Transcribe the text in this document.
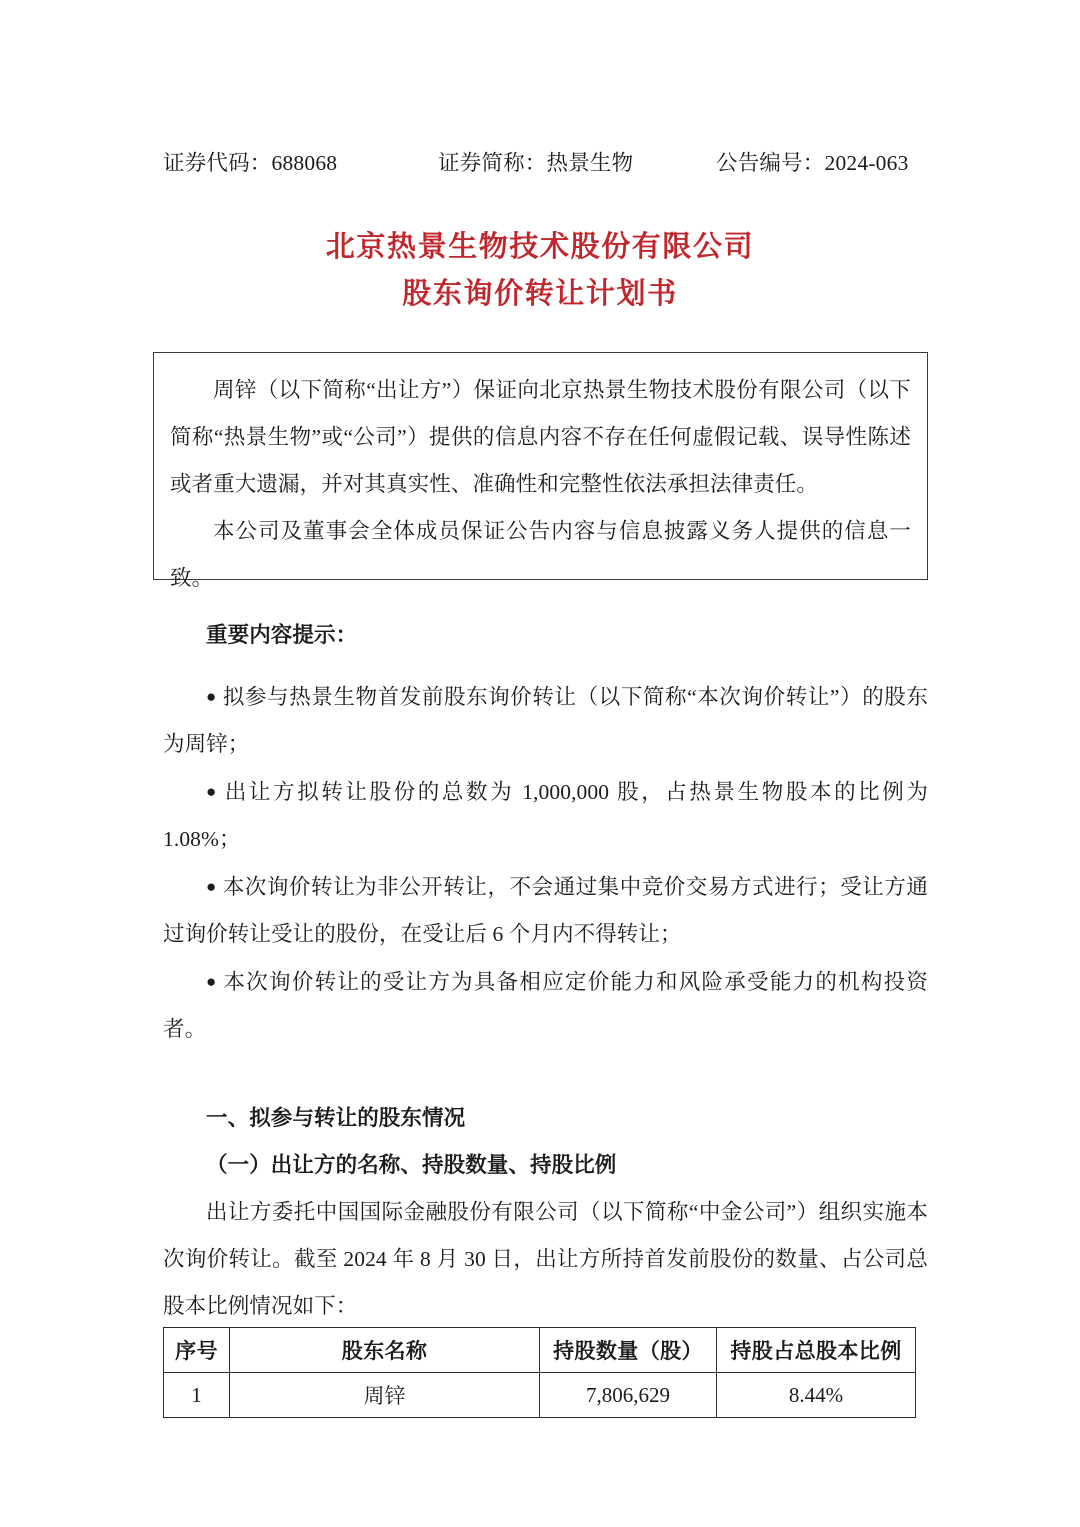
证券代码：688068	证券简称：热景生物	公告编号：2024-063
北京热景生物技术股份有限公司
股东询价转让计划书

周锌（以下简称“出让方”）保证向北京热景生物技术股份有限公司（以下简称“热景生物”或“公司”）提供的信息内容不存在任何虚假记载、误导性陈述或者重大遗漏，并对其真实性、准确性和完整性依法承担法律责任。

本公司及董事会全体成员保证公告内容与信息披露义务人提供的信息一致。

重要内容提示：

● 拟参与热景生物首发前股东询价转让（以下简称“本次询价转让”）的股东为周锌；

● 出让方拟转让股份的总数为 1,000,000 股，占热景生物股本的比例为 1.08%；

● 本次询价转让为非公开转让，不会通过集中竞价交易方式进行；受让方通过询价转让受让的股份，在受让后 6 个月内不得转让；

● 本次询价转让的受让方为具备相应定价能力和风险承受能力的机构投资者。

一、拟参与转让的股东情况

（一）出让方的名称、持股数量、持股比例

出让方委托中国国际金融股份有限公司（以下简称“中金公司”）组织实施本次询价转让。截至 2024 年 8 月 30 日，出让方所持首发前股份的数量、占公司总股本比例情况如下：

序号	股东名称	持股数量（股）	持股占总股本比例
1	周锌	7,806,629	8.44%
